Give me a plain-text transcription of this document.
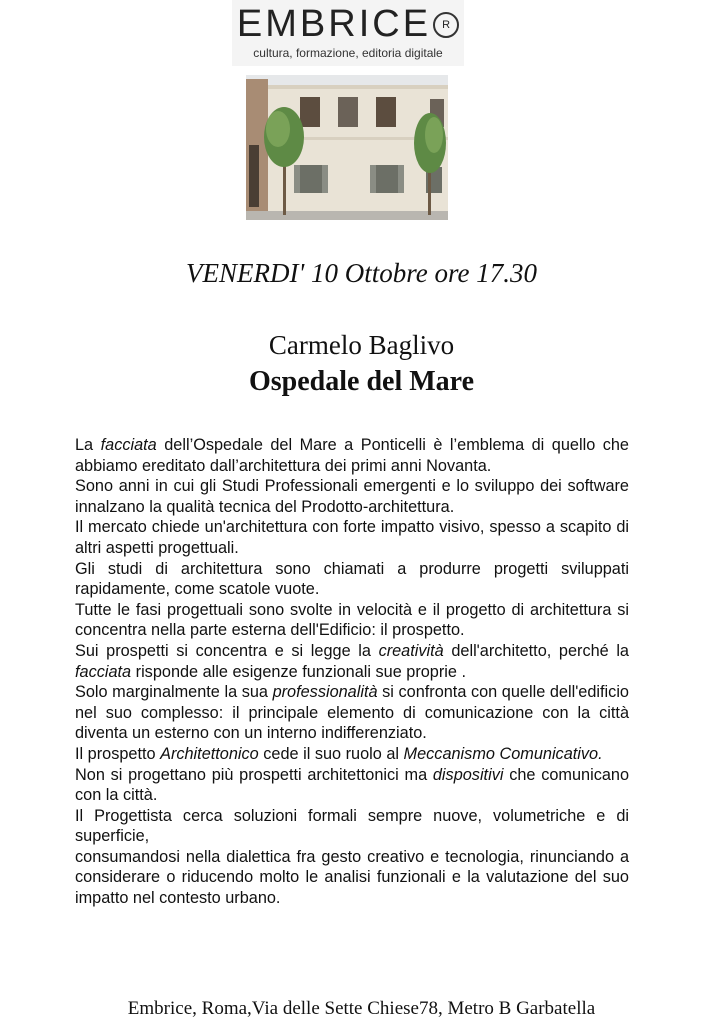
EMBRICE R
cultura, formazione, editoria digitale
VENERDI' 10 Ottobre ore 17.30
Carmelo Baglivo
Ospedale del Mare

La facciata dell’Ospedale del Mare a Ponticelli è l’emblema di quello che abbiamo ereditato dall’architettura dei primi anni Novanta.

Sono anni in cui gli Studi Professionali emergenti e lo sviluppo dei software innalzano la qualità tecnica del Prodotto-architettura.

Il mercato chiede un'architettura con forte impatto visivo, spesso a scapito di altri aspetti progettuali.

Gli studi di architettura sono chiamati a produrre progetti sviluppati rapidamente, come scatole vuote.

Tutte le fasi progettuali sono svolte in velocità e il progetto di architettura si concentra nella parte esterna dell'Edificio: il prospetto.

Sui prospetti si concentra e si legge la creatività dell'architetto, perché la facciata risponde alle esigenze funzionali sue proprie .

Solo marginalmente la sua professionalità si confronta con quelle dell'edificio nel suo complesso: il principale elemento di comunicazione con la città diventa un esterno con un interno indifferenziato.

Il prospetto Architettonico cede il suo ruolo al Meccanismo Comunicativo.

Non si progettano più prospetti architettonici ma dispositivi che comunicano con la città.

Il Progettista cerca soluzioni formali sempre nuove, volumetriche e di superficie,

consumandosi nella dialettica fra gesto creativo e tecnologia, rinunciando a considerare o riducendo molto le analisi funzionali e la valutazione del suo impatto nel contesto urbano.

Embrice, Roma,Via delle Sette Chiese78, Metro B Garbatella
